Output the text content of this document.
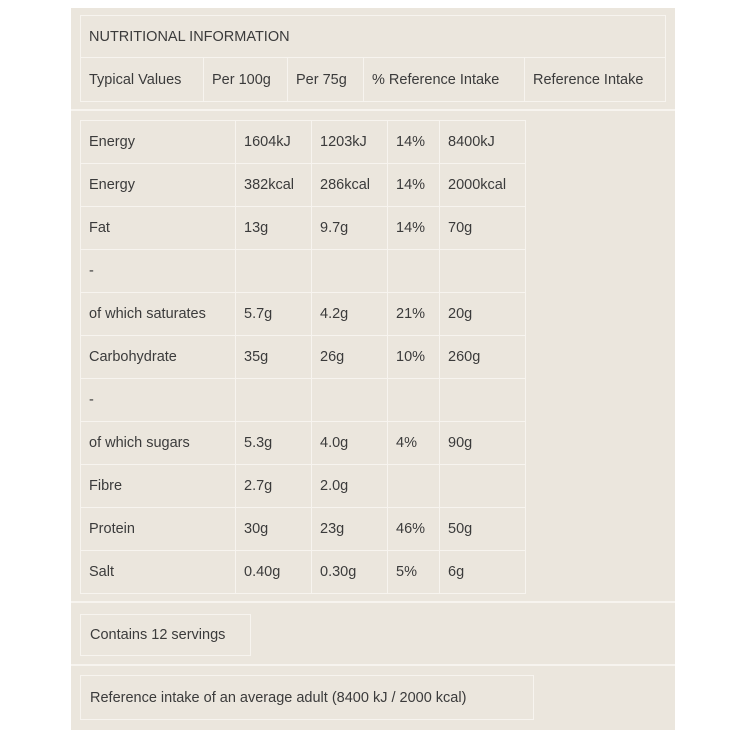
NUTRITIONAL INFORMATION
Typical Values	Per 100g	Per 75g	% Reference Intake	Reference Intake
Energy	1604kJ	1203kJ	14%	8400kJ
Energy	382kcal	286kcal	14%	2000kcal
Fat	13g	9.7g	14%	70g
-				
of which saturates	5.7g	4.2g	21%	20g
Carbohydrate	35g	26g	10%	260g
-				
of which sugars	5.3g	4.0g	4%	90g
Fibre	2.7g	2.0g		
Protein	30g	23g	46%	50g
Salt	0.40g	0.30g	5%	6g
Contains 12 servings
Reference intake of an average adult (8400 kJ / 2000 kcal)
